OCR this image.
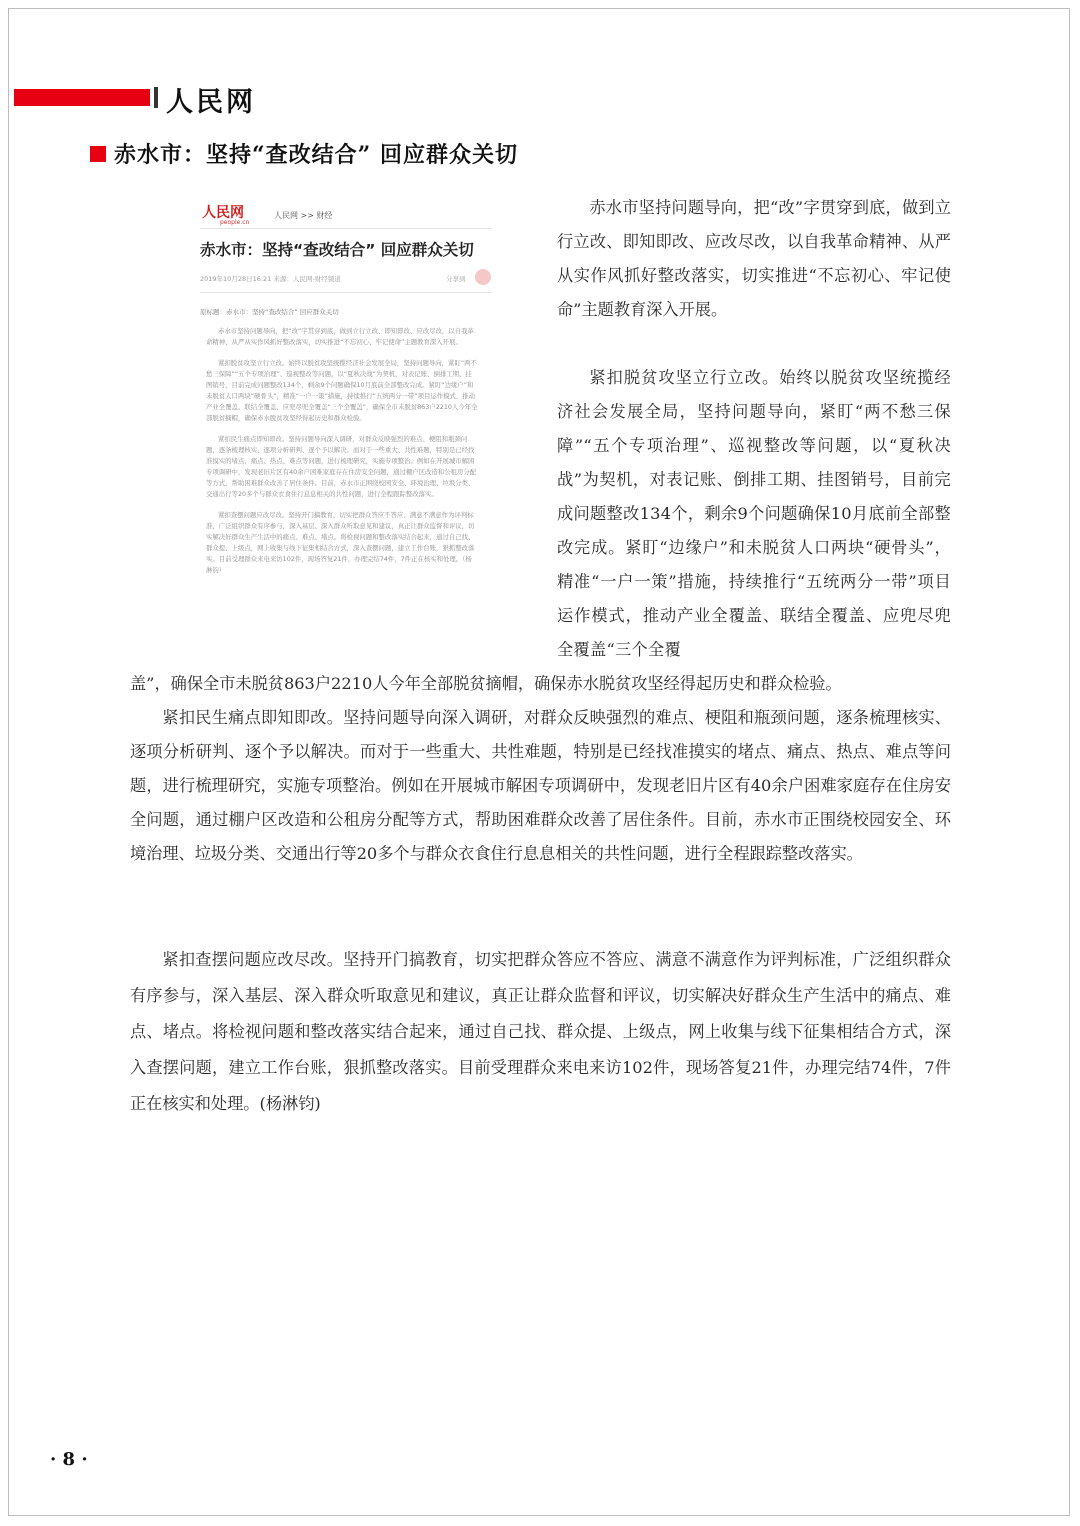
人民网
赤水市：坚持“查改结合” 回应群众关切
人民网
people.cn
人民网 >> 财经
赤水市：坚持“查改结合” 回应群众关切
2019年10月28日16:21 来源：人民网-财经频道	分享到
原标题：赤水市：坚持“查改结合” 回应群众关切

赤水市坚持问题导向，把“改”字贯穿到底，做到立行立改、即知即改、应改尽改，以自我革命精神、从严从实作风抓好整改落实，切实推进“不忘初心、牢记使命”主题教育深入开展。

紧扣脱贫攻坚立行立改。始终以脱贫攻坚统揽经济社会发展全局，坚持问题导向，紧盯“两不愁三保障”“五个专项治理”、巡视整改等问题，以“夏秋决战”为契机，对表记账、倒排工期、挂图销号，目前完成问题整改134个，剩余9个问题确保10月底前全部整改完成。紧盯“边缘户”和未脱贫人口两块“硬骨头”，精准“一户一策”措施，持续推行“五统两分一带”项目运作模式，推动产业全覆盖、联结全覆盖、应兜尽兜全覆盖“三个全覆盖”，确保全市未脱贫863户2210人今年全部脱贫摘帽，确保赤水脱贫攻坚经得起历史和群众检验。

紧扣民生痛点即知即改。坚持问题导向深入调研，对群众反映强烈的难点、梗阻和瓶颈问题，逐条梳理核实、逐项分析研判、逐个予以解决。而对于一些重大、共性难题，特别是已经找准摸实的堵点、痛点、热点、难点等问题，进行梳理研究，实施专项整治。例如在开展城市解困专项调研中，发现老旧片区有40余户困难家庭存在住房安全问题，通过棚户区改造和公租房分配等方式，帮助困难群众改善了居住条件。目前，赤水市正围绕校园安全、环境治理、垃圾分类、交通出行等20多个与群众衣食住行息息相关的共性问题，进行全程跟踪整改落实。

紧扣查摆问题应改尽改。坚持开门搞教育，切实把群众答应不答应、满意不满意作为评判标准，广泛组织群众有序参与，深入基层、深入群众听取意见和建议，真正让群众监督和评议，切实解决好群众生产生活中的痛点、难点、堵点。将检视问题和整改落实结合起来，通过自己找、群众提、上级点，网上收集与线下征集相结合方式，深入查摆问题，建立工作台账，狠抓整改落实。目前受理群众来电来访102件，现场答复21件，办理完结74件，7件正在核实和处理。（杨淋钧）

赤水市坚持问题导向，把“改”字贯穿到底，做到立行立改、即知即改、应改尽改，以自我革命精神、从严从实作风抓好整改落实，切实推进“不忘初心、牢记使命”主题教育深入开展。

紧扣脱贫攻坚立行立改。始终以脱贫攻坚统揽经济社会发展全局，坚持问题导向，紧盯“两不愁三保障”“五个专项治理”、巡视整改等问题，以“夏秋决战”为契机，对表记账、倒排工期、挂图销号，目前完成问题整改134个，剩余9个问题确保10月底前全部整改完成。紧盯“边缘户”和未脱贫人口两块“硬骨头”，精准“一户一策”措施，持续推行“五统两分一带”项目运作模式，推动产业全覆盖、联结全覆盖、应兜尽兜全覆盖“三个全覆

盖”，确保全市未脱贫863户2210人今年全部脱贫摘帽，确保赤水脱贫攻坚经得起历史和群众检验。

紧扣民生痛点即知即改。坚持问题导向深入调研，对群众反映强烈的难点、梗阻和瓶颈问题，逐条梳理核实、逐项分析研判、逐个予以解决。而对于一些重大、共性难题，特别是已经找准摸实的堵点、痛点、热点、难点等问题，进行梳理研究，实施专项整治。例如在开展城市解困专项调研中，发现老旧片区有40余户困难家庭存在住房安全问题，通过棚户区改造和公租房分配等方式，帮助困难群众改善了居住条件。目前，赤水市正围绕校园安全、环境治理、垃圾分类、交通出行等20多个与群众衣食住行息息相关的共性问题，进行全程跟踪整改落实。

紧扣查摆问题应改尽改。坚持开门搞教育，切实把群众答应不答应、满意不满意作为评判标准，广泛组织群众有序参与，深入基层、深入群众听取意见和建议，真正让群众监督和评议，切实解决好群众生产生活中的痛点、难点、堵点。将检视问题和整改落实结合起来，通过自己找、群众提、上级点，网上收集与线下征集相结合方式，深入查摆问题，建立工作台账，狠抓整改落实。目前受理群众来电来访102件，现场答复21件，办理完结74件，7件正在核实和处理。(杨淋钧)

· 8 ·
